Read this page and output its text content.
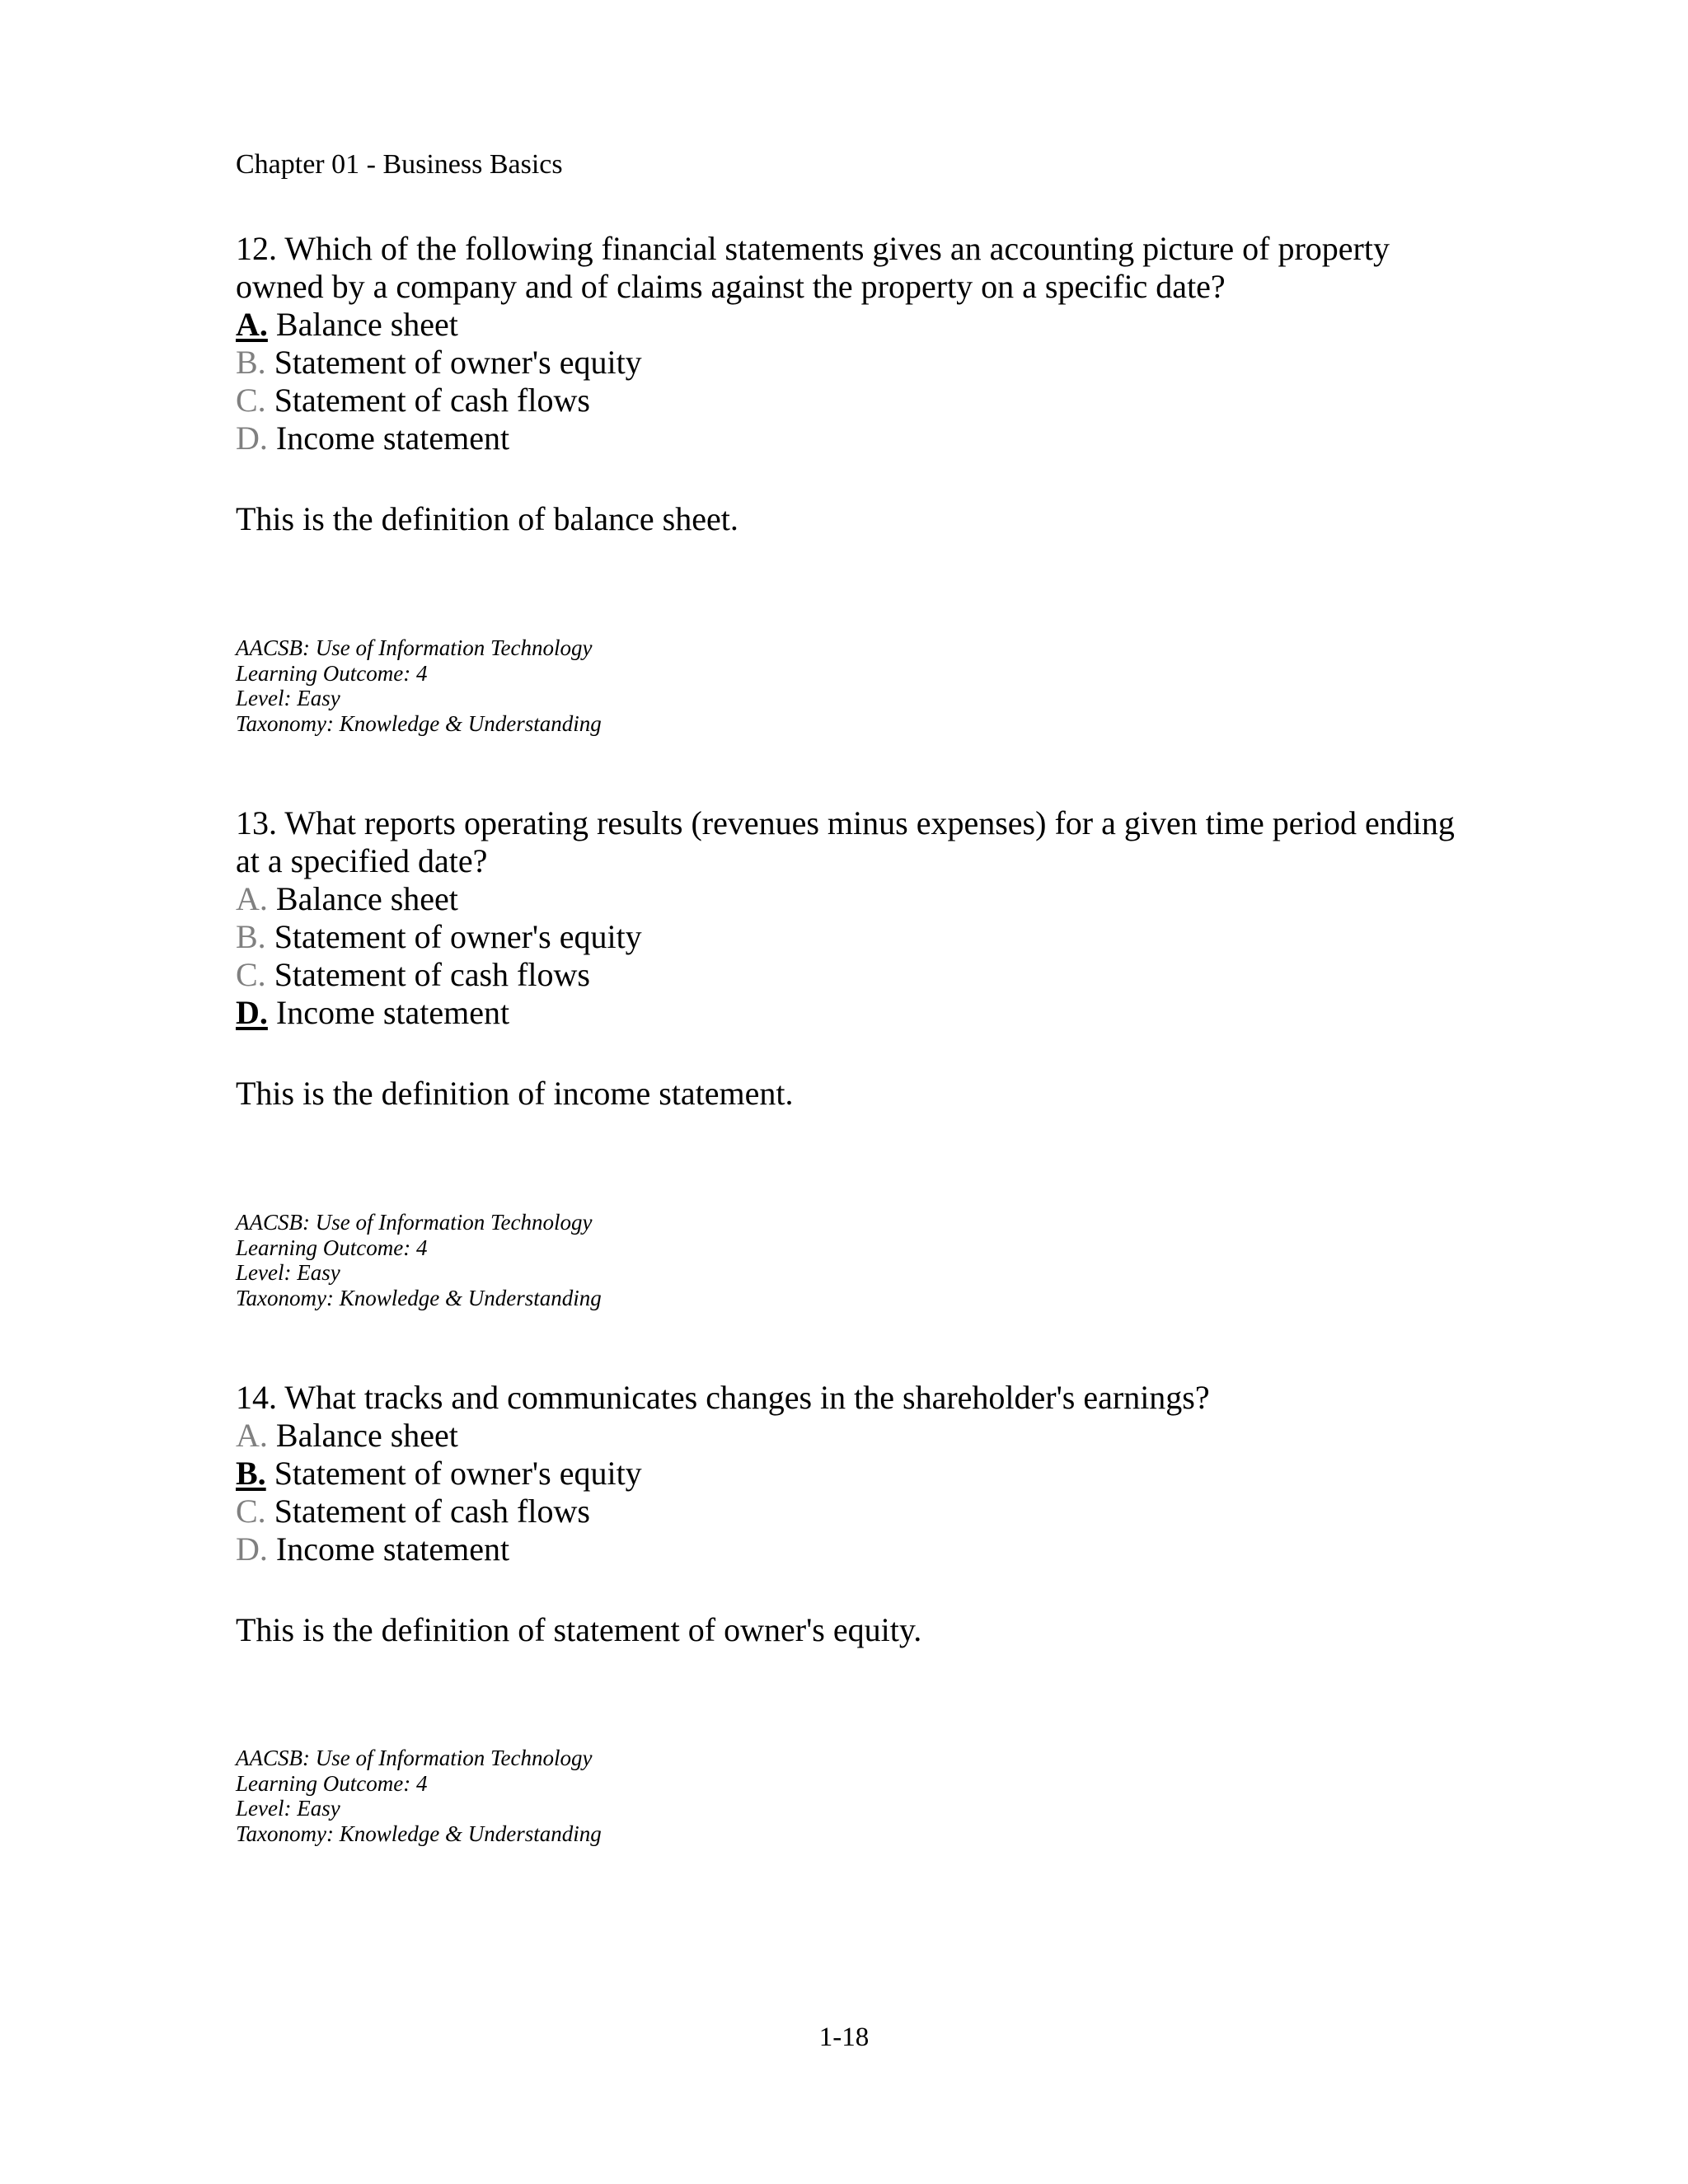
Chapter 01 - Business Basics

12. Which of the following financial statements gives an accounting picture of property owned by a company and of claims against the property on a specific date?

A. Balance sheet
B. Statement of owner's equity
C. Statement of cash flows
D. Income statement
This is the definition of balance sheet.
AACSB: Use of Information Technology
Learning Outcome: 4
Level: Easy
Taxonomy: Knowledge & Understanding

13. What reports operating results (revenues minus expenses) for a given time period ending at a specified date?

A. Balance sheet
B. Statement of owner's equity
C. Statement of cash flows
D. Income statement
This is the definition of income statement.
AACSB: Use of Information Technology
Learning Outcome: 4
Level: Easy
Taxonomy: Knowledge & Understanding

14. What tracks and communicates changes in the shareholder's earnings?

A. Balance sheet
B. Statement of owner's equity
C. Statement of cash flows
D. Income statement
This is the definition of statement of owner's equity.
AACSB: Use of Information Technology
Learning Outcome: 4
Level: Easy
Taxonomy: Knowledge & Understanding
1-18
